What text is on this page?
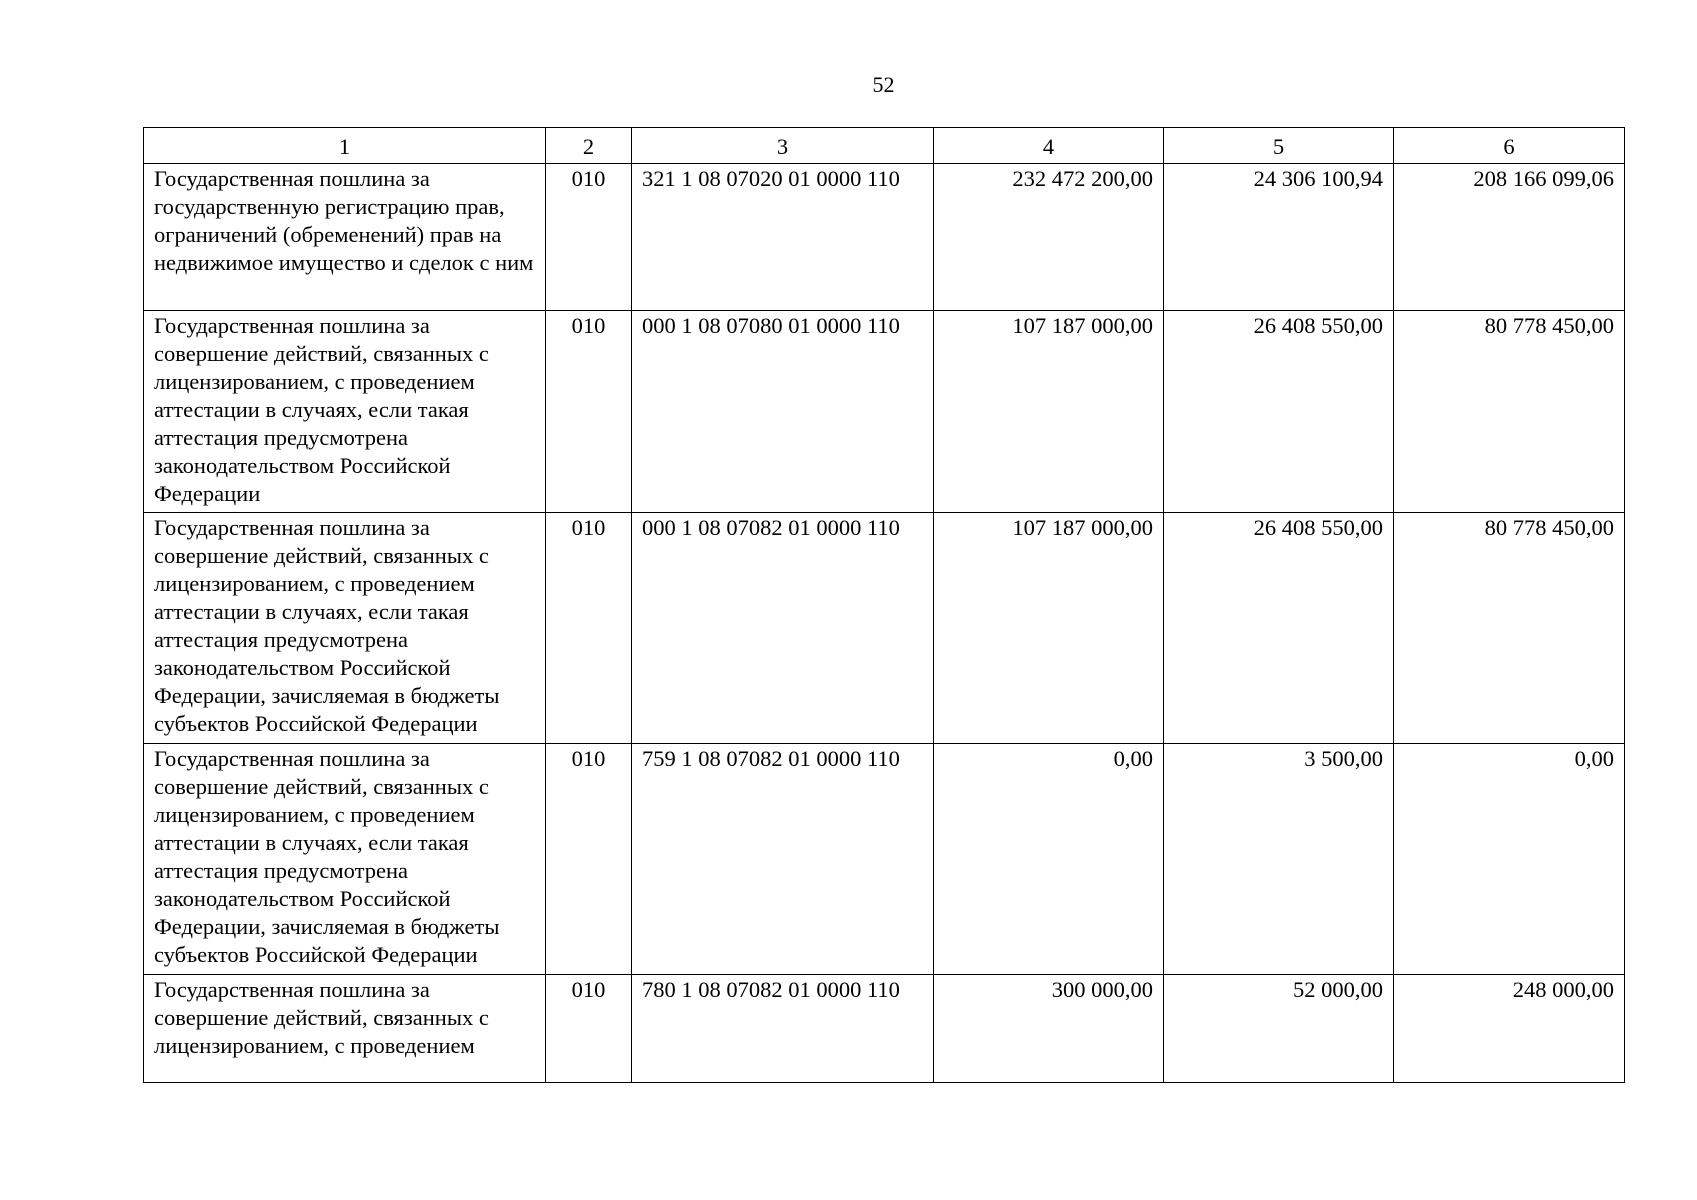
52
1	2	3	4	5	6
Государственная пошлина за государственную регистрацию прав, ограничений (обременений) прав на недвижимое имущество и сделок с ним	010	321 1 08 07020 01 0000 110	232 472 200,00	24 306 100,94	208 166 099,06
Государственная пошлина за совершение действий, связанных с лицензированием, с проведением аттестации в случаях, если такая аттестация предусмотрена законодательством Российской Федерации	010	000 1 08 07080 01 0000 110	107 187 000,00	26 408 550,00	80 778 450,00
Государственная пошлина за совершение действий, связанных с лицензированием, с проведением аттестации в случаях, если такая аттестация предусмотрена законодательством Российской Федерации, зачисляемая в бюджеты субъектов Российской Федерации	010	000 1 08 07082 01 0000 110	107 187 000,00	26 408 550,00	80 778 450,00
Государственная пошлина за совершение действий, связанных с лицензированием, с проведением аттестации в случаях, если такая аттестация предусмотрена законодательством Российской Федерации, зачисляемая в бюджеты субъектов Российской Федерации	010	759 1 08 07082 01 0000 110	0,00	3 500,00	0,00
Государственная пошлина за совершение действий, связанных с лицензированием, с проведением	010	780 1 08 07082 01 0000 110	300 000,00	52 000,00	248 000,00
